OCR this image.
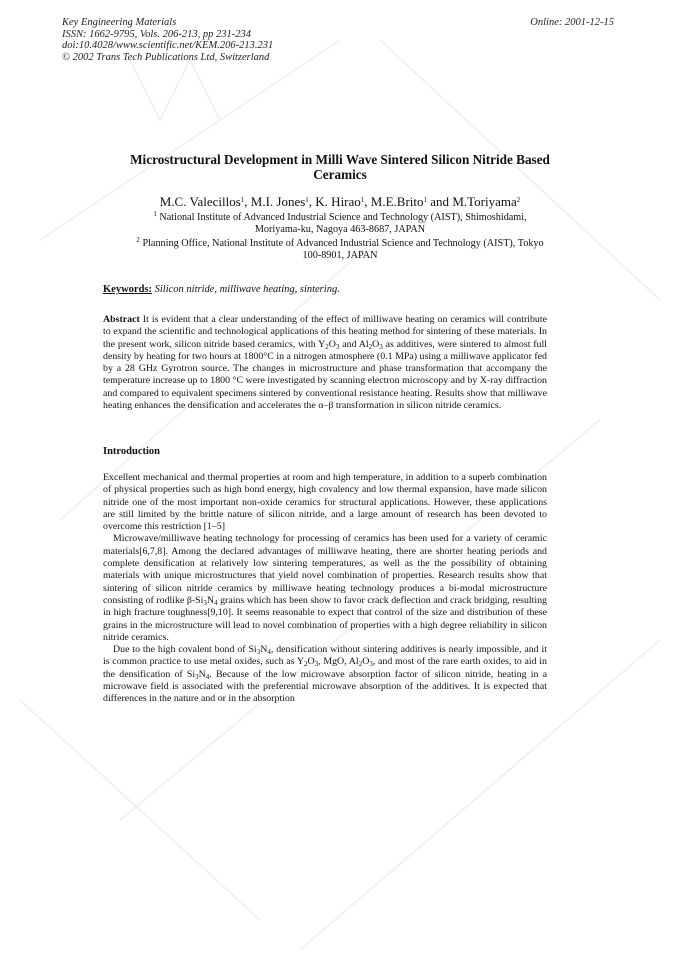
Key Engineering Materials
ISSN: 1662-9795, Vols. 206-213, pp 231-234
doi:10.4028/www.scientific.net/KEM.206-213.231
© 2002 Trans Tech Publications Ltd, Switzerland
Online: 2001-12-15
Microstructural Development in Milli Wave Sintered Silicon Nitride Based
Ceramics
M.C. Valecillos$^1$, M.I. Jones$^1$, K. Hirao$^1$, M.E.Brito$^1$ and M.Toriyama$^2$
$^1$ National Institute of Advanced Industrial Science and Technology (AIST), Shimoshidami,
Moriyama-ku, Nagoya 463-8687, JAPAN
$^2$ Planning Office, National Institute of Advanced Industrial Science and Technology (AIST), Tokyo
100-8901, JAPAN
Keywords: Silicon nitride, milliwave heating, sintering.

Abstract It is evident that a clear understanding of the effect of milliwave heating on ceramics will contribute to expand the scientific and technological applications of this heating method for sintering of these materials. In the present work, silicon nitride based ceramics, with $Y_2O_3$ and $Al_2O_3$ as additives, were sintered to almost full density by heating for two hours at 1800°C in a nitrogen atmosphere (0.1 MPa) using a milliwave applicator fed by a 28 GHz Gyrotron source. The changes in microstructure and phase transformation that accompany the temperature increase up to 1800 °C were investigated by scanning electron microscopy and by X-ray diffraction and compared to equivalent specimens sintered by conventional resistance heating. Results show that milliwave heating enhances the densification and accelerates the α–β transformation in silicon nitride ceramics.

Introduction

Excellent mechanical and thermal properties at room and high temperature, in addition to a superb combination of physical properties such as high bond energy, high covalency and low thermal expansion, have made silicon nitride one of the most important non-oxide ceramics for structural applications. However, these applications are still limited by the brittle nature of silicon nitride, and a large amount of research has been devoted to overcome this restriction [1–5]

Microwave/milliwave heating technology for processing of ceramics has been used for a variety of ceramic materials[6,7,8]. Among the declared advantages of milliwave heating, there are shorter heating periods and complete densification at relatively low sintering temperatures, as well as the the possibility of obtaining materials with unique microstructures that yield novel combination of properties. Research results show that sintering of silicon nitride ceramics by milliwave heating technology produces a bi-modal microstructure consisting of rodlike $\beta-Si_3N_4$ grains which has been show to favor crack deflection and crack bridging, resulting in high fracture toughness[9,10]. It seems reasonable to expect that control of the size and distribution of these grains in the microstructure will lead to novel combination of properties with a high degree reliability in silicon nitride ceramics.

Due to the high covalent bond of $Si_3N_4$, densification without sintering additives is nearly impossible, and it is common practice to use metal oxides, such as $Y_2O_3$, MgO, $Al_2O_3$, and most of the rare earth oxides, to aid in the densification of $Si_3N_4$. Because of the low microwave absorption factor of silicon nitride, heating in a microwave field is associated with the preferential microwave absorption of the additives. It is expected that differences in the nature and or in the absorption
